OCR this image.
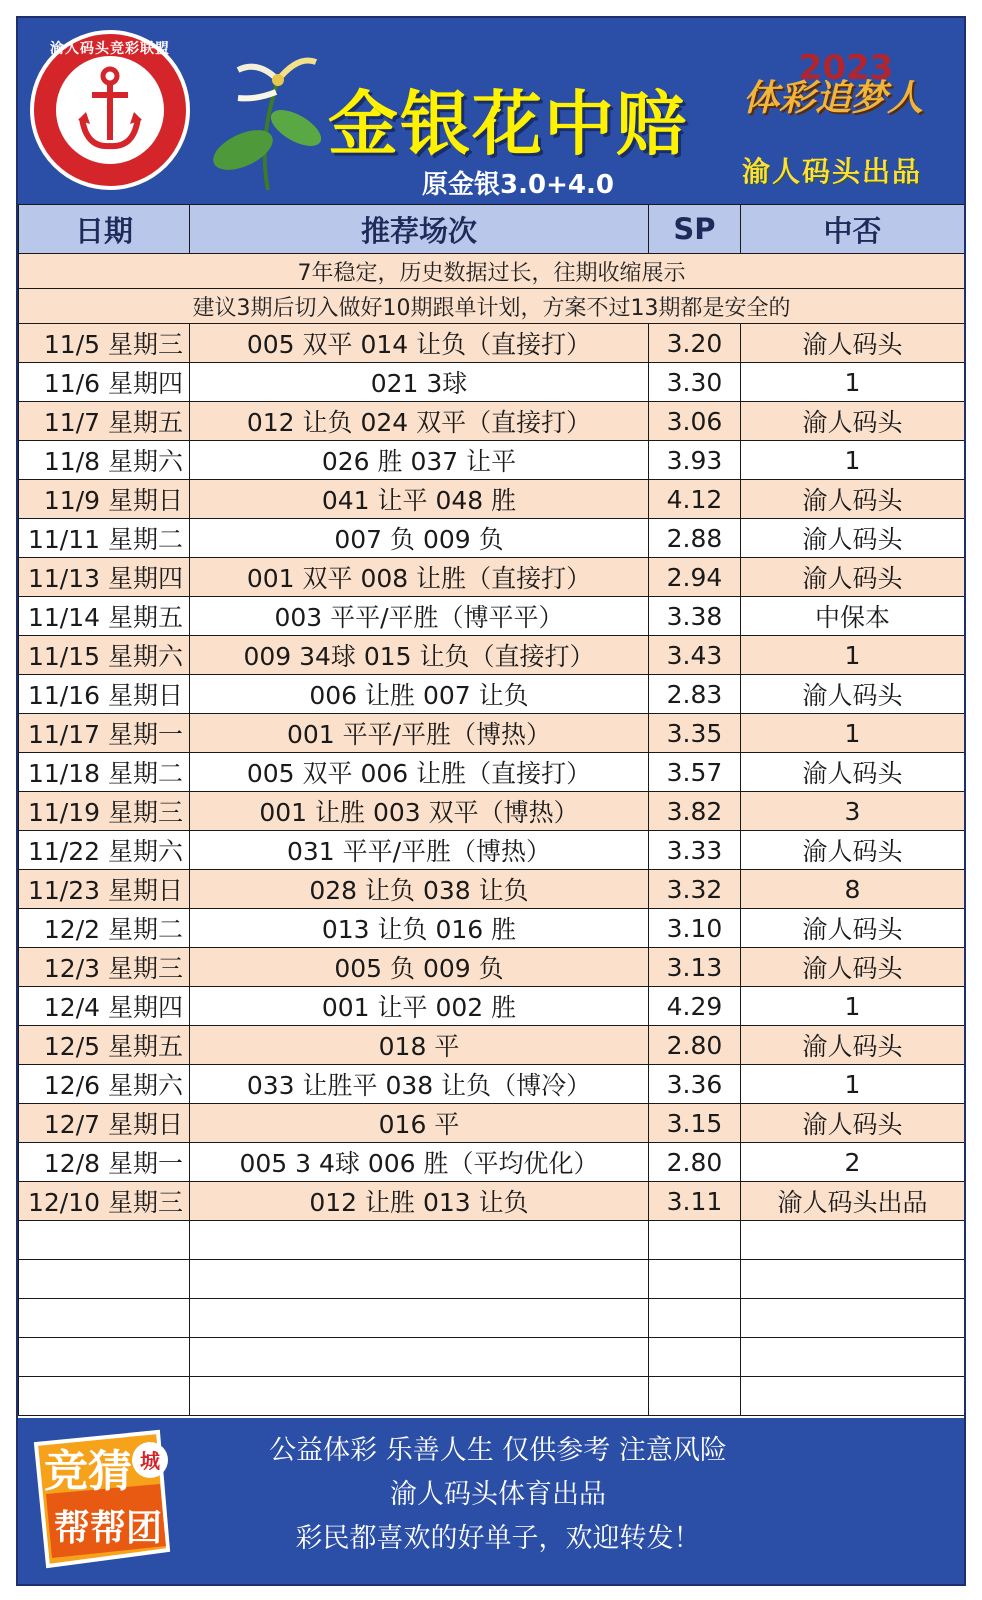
渝人码头竞彩联盟
金银花中赔
原金银3.0+4.0
2023
体彩追梦人
渝人码头出品
日期	推荐场次	SP	中否
7年稳定，历史数据过长，往期收缩展示			
建议3期后切入做好10期跟单计划，方案不过13期都是安全的			
11/5 星期三	005 双平 014 让负（直接打）	3.20	渝人码头
11/6 星期四	021 3球	3.30	1
11/7 星期五	012 让负 024 双平（直接打）	3.06	渝人码头
11/8 星期六	026 胜 037 让平	3.93	1
11/9 星期日	041 让平 048 胜	4.12	渝人码头
11/11 星期二	007 负 009 负	2.88	渝人码头
11/13 星期四	001 双平 008 让胜（直接打）	2.94	渝人码头
11/14 星期五	003 平平/平胜（博平平）	3.38	中保本
11/15 星期六	009 34球 015 让负（直接打）	3.43	1
11/16 星期日	006 让胜 007 让负	2.83	渝人码头
11/17 星期一	001 平平/平胜（博热）	3.35	1
11/18 星期二	005 双平 006 让胜（直接打）	3.57	渝人码头
11/19 星期三	001 让胜 003 双平（博热）	3.82	3
11/22 星期六	031 平平/平胜（博热）	3.33	渝人码头
11/23 星期日	028 让负 038 让负	3.32	8
12/2 星期二	013 让负 016 胜	3.10	渝人码头
12/3 星期三	005 负 009 负	3.13	渝人码头
12/4 星期四	001 让平 002 胜	4.29	1
12/5 星期五	018 平	2.80	渝人码头
12/6 星期六	033 让胜平 038 让负（博冷）	3.36	1
12/7 星期日	016 平	3.15	渝人码头
12/8 星期一	005 3 4球 006 胜（平均优化）	2.80	2
12/10 星期三	012 让胜 013 让负	3.11	渝人码头出品

城
竞猜
帮帮团
公益体彩 乐善人生 仅供参考 注意风险
渝人码头体育出品
彩民都喜欢的好单子，欢迎转发！
